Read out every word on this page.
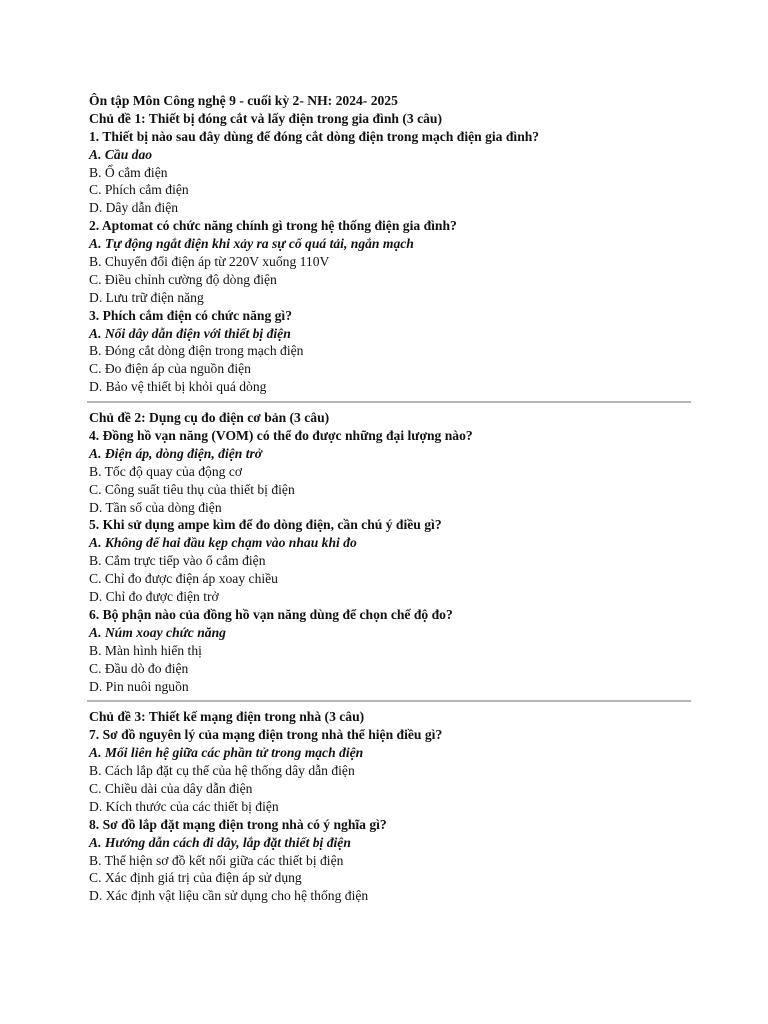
Ôn tập Môn Công nghệ 9 - cuối kỳ 2- NH: 2024- 2025
Chủ đề 1: Thiết bị đóng cắt và lấy điện trong gia đình (3 câu)
1. Thiết bị nào sau đây dùng để đóng cắt dòng điện trong mạch điện gia đình?
A. Cầu dao
B. Ổ cắm điện
C. Phích cắm điện
D. Dây dẫn điện
2. Aptomat có chức năng chính gì trong hệ thống điện gia đình?
A. Tự động ngắt điện khi xảy ra sự cố quá tải, ngắn mạch
B. Chuyển đổi điện áp từ 220V xuống 110V
C. Điều chỉnh cường độ dòng điện
D. Lưu trữ điện năng
3. Phích cắm điện có chức năng gì?
A. Nối dây dẫn điện với thiết bị điện
B. Đóng cắt dòng điện trong mạch điện
C. Đo điện áp của nguồn điện
D. Bảo vệ thiết bị khỏi quá dòng
Chủ đề 2: Dụng cụ đo điện cơ bản (3 câu)
4. Đồng hồ vạn năng (VOM) có thể đo được những đại lượng nào?
A. Điện áp, dòng điện, điện trở
B. Tốc độ quay của động cơ
C. Công suất tiêu thụ của thiết bị điện
D. Tần số của dòng điện
5. Khi sử dụng ampe kìm để đo dòng điện, cần chú ý điều gì?
A. Không để hai đầu kẹp chạm vào nhau khi đo
B. Cắm trực tiếp vào ổ cắm điện
C. Chỉ đo được điện áp xoay chiều
D. Chỉ đo được điện trở
6. Bộ phận nào của đồng hồ vạn năng dùng để chọn chế độ đo?
A. Núm xoay chức năng
B. Màn hình hiển thị
C. Đầu dò đo điện
D. Pin nuôi nguồn
Chủ đề 3: Thiết kế mạng điện trong nhà (3 câu)
7. Sơ đồ nguyên lý của mạng điện trong nhà thể hiện điều gì?
A. Mối liên hệ giữa các phần tử trong mạch điện
B. Cách lắp đặt cụ thể của hệ thống dây dẫn điện
C. Chiều dài của dây dẫn điện
D. Kích thước của các thiết bị điện
8. Sơ đồ lắp đặt mạng điện trong nhà có ý nghĩa gì?
A. Hướng dẫn cách đi dây, lắp đặt thiết bị điện
B. Thể hiện sơ đồ kết nối giữa các thiết bị điện
C. Xác định giá trị của điện áp sử dụng
D. Xác định vật liệu cần sử dụng cho hệ thống điện
